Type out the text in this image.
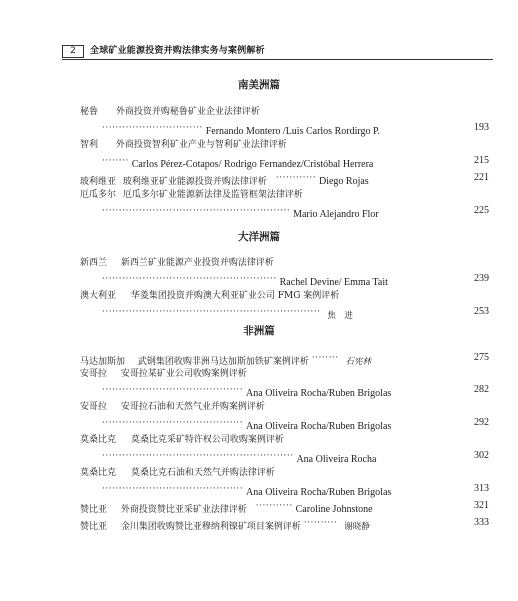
2	全球矿业能源投资并购法律实务与案例解析
南美洲篇
秘鲁 外商投资并购秘鲁矿业企业法律评析
······························ Fernando Montero /Luis Carlos Rordirgo P.	193
智利 外商投资智利矿业产业与智利矿业法律评析
········ Carlos Pérez-Cotapos/ Rodrigo Fernandez/Cristóbal Herrera	215
玻利维亚 玻利维亚矿业能源投资并购法律评析 ············ Diego Rojas	221
厄瓜多尔 厄瓜多尔矿业能源新法律及监管框架法律评析
························································ Mario Alejandro Flor	225
大洋洲篇
新西兰 新西兰矿业能源产业投资并购法律评析
···················································· Rachel Devine/ Emma Tait	239
澳大利亚 华菱集团投资并购澳大利亚矿业公司 FMG 案例评析
································································· 焦　进	253
非洲篇
马达加斯加 武钢集团收购非洲马达加斯加铁矿案例评析 ········ 石宪林	275
安哥拉 安哥拉某矿业公司收购案例评析
·········································· Ana Oliveira Rocha/Ruben Brigolas	282
安哥拉 安哥拉石油和天然气业并购案例评析
·········································· Ana Oliveira Rocha/Ruben Brigolas	292
莫桑比克 莫桑比克采矿特许权公司收购案例评析
························································· Ana Oliveira Rocha	302
莫桑比克 莫桑比克石油和天然气并购法律评析
·········································· Ana Oliveira Rocha/Ruben Brigolas	313
赞比亚 外商投资赞比亚采矿业法律评析 ··········· Caroline Johnstone	321
赞比亚 金川集团收购赞比亚穆纳利镍矿项目案例评析 ·········· 谢晓静	333
